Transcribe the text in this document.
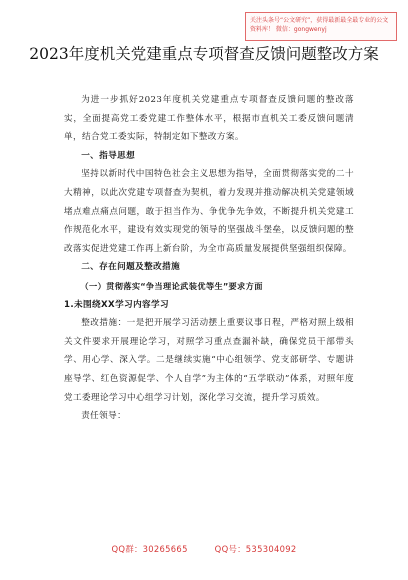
关注头条号“公文研究”，获得最新最全最专业的公文资料库！ 微信：gongwenyj
2023年度机关党建重点专项督查反馈问题整改方案

为进一步抓好2023年度机关党建重点专项督查反馈问题的整改落实，全面提高党工委党建工作整体水平，根据市直机关工委反馈问题清单，结合党工委实际，特制定如下整改方案。

一、指导思想

坚持以新时代中国特色社会主义思想为指导，全面贯彻落实党的二十大精神，以此次党建专项督查为契机，着力发现并推动解决机关党建领域堵点难点痛点问题，敢于担当作为、争优争先争效，不断提升机关党建工作规范化水平，建设有效实现党的领导的坚强战斗堡垒，以反馈问题的整改落实促进党建工作再上新台阶，为全市高质量发展提供坚强组织保障。

二、存在问题及整改措施

（一）贯彻落实“争当理论武装优等生”要求方面

1.未围绕XX学习内容学习

整改措施：一是把开展学习活动摆上重要议事日程，严格对照上级相关文件要求开展理论学习，对照学习重点查漏补缺，确保党员干部带头学、用心学、深入学。二是继续实施“中心组领学、党支部研学、专题讲座导学、红色资源促学、个人自学”为主体的“五学联动”体系，对照年度党工委理论学习中心组学习计划，深化学习交流，提升学习质效。

责任领导：

QQ群：30265665	QQ号：535304092
